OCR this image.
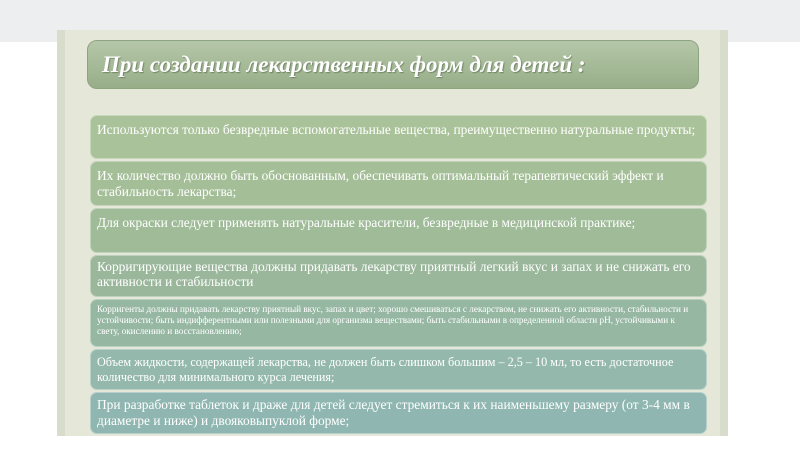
При создании лекарственных форм для детей :
Используются только безвредные вспомогательные вещества, преимущественно натуральные продукты;
Их количество должно быть обоснованным, обеспечивать оптимальный терапевтический эффект и стабильность лекарства;
Для окраски следует применять натуральные красители, безвредные в медицинской практике;
Корригирующие вещества должны придавать лекарству приятный легкий вкус и запах и не снижать его активности и стабильности
Корригенты должны придавать лекарству приятный вкус, запах и цвет; хорошо смешиваться с лекарством, не снижать его активности, стабильности и устойчивости; быть индифферентными или полезными для организма веществами; быть стабильными в определенной области pH, устойчивыми к свету, окислению и восстановлению;
Объем жидкости, содержащей лекарства, не должен быть слишком большим – 2,5 – 10 мл, то есть достаточное количество для минимального курса лечения;
При разработке таблеток и драже для детей следует стремиться к их наименьшему размеру (от 3-4 мм в диаметре и ниже) и двояковыпуклой форме;
